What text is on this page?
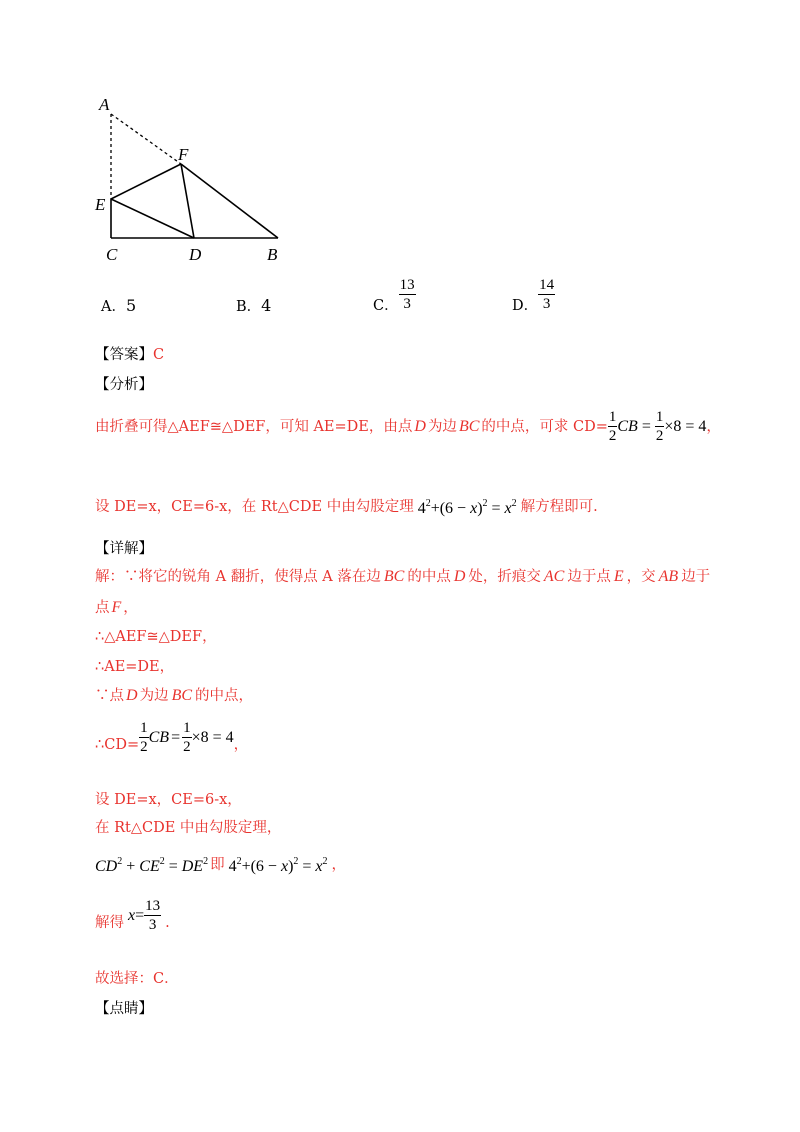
A
F
E
C	D	B
A．5	B．4	C． $\frac{13}{3}$	D． $\frac{14}{3}$
【答案】C
【分析】
由折叠可得△AEF≅△DEF，可知 AE=DE，由点 D 为边 BC 的中点，可求 $CD= \frac{1}{2}$ CB = $\frac{1}{2} \times 8 = 4$ ，
设 DE=x，CE=6-x，在 Rt△CDE 中由勾股定理 $4^2+(6 - x)^2 = x^2$ 解方程即可.
【详解】
解：∵将它的锐角 A 翻折，使得点 A 落在边 BC 的中点 D 处，折痕交 AC 边于点 E ，交 AB 边于
点 F ，
∴△AEF≅△DEF，
∴AE=DE，
∵点 D 为边 BC 的中点，
∴CD= $\frac{1}{2}$ CB = $\frac{1}{2} \times 8 = 4$ ，
设 DE=x，CE=6-x，
在 Rt△CDE 中由勾股定理，
$CD^2 + CE^2 = DE^2$ 即 $4^2+(6 - x)^2 = x^2$ ，
解得 $x = \frac{13}{3}$ .
故选择：C．
【点睛】
